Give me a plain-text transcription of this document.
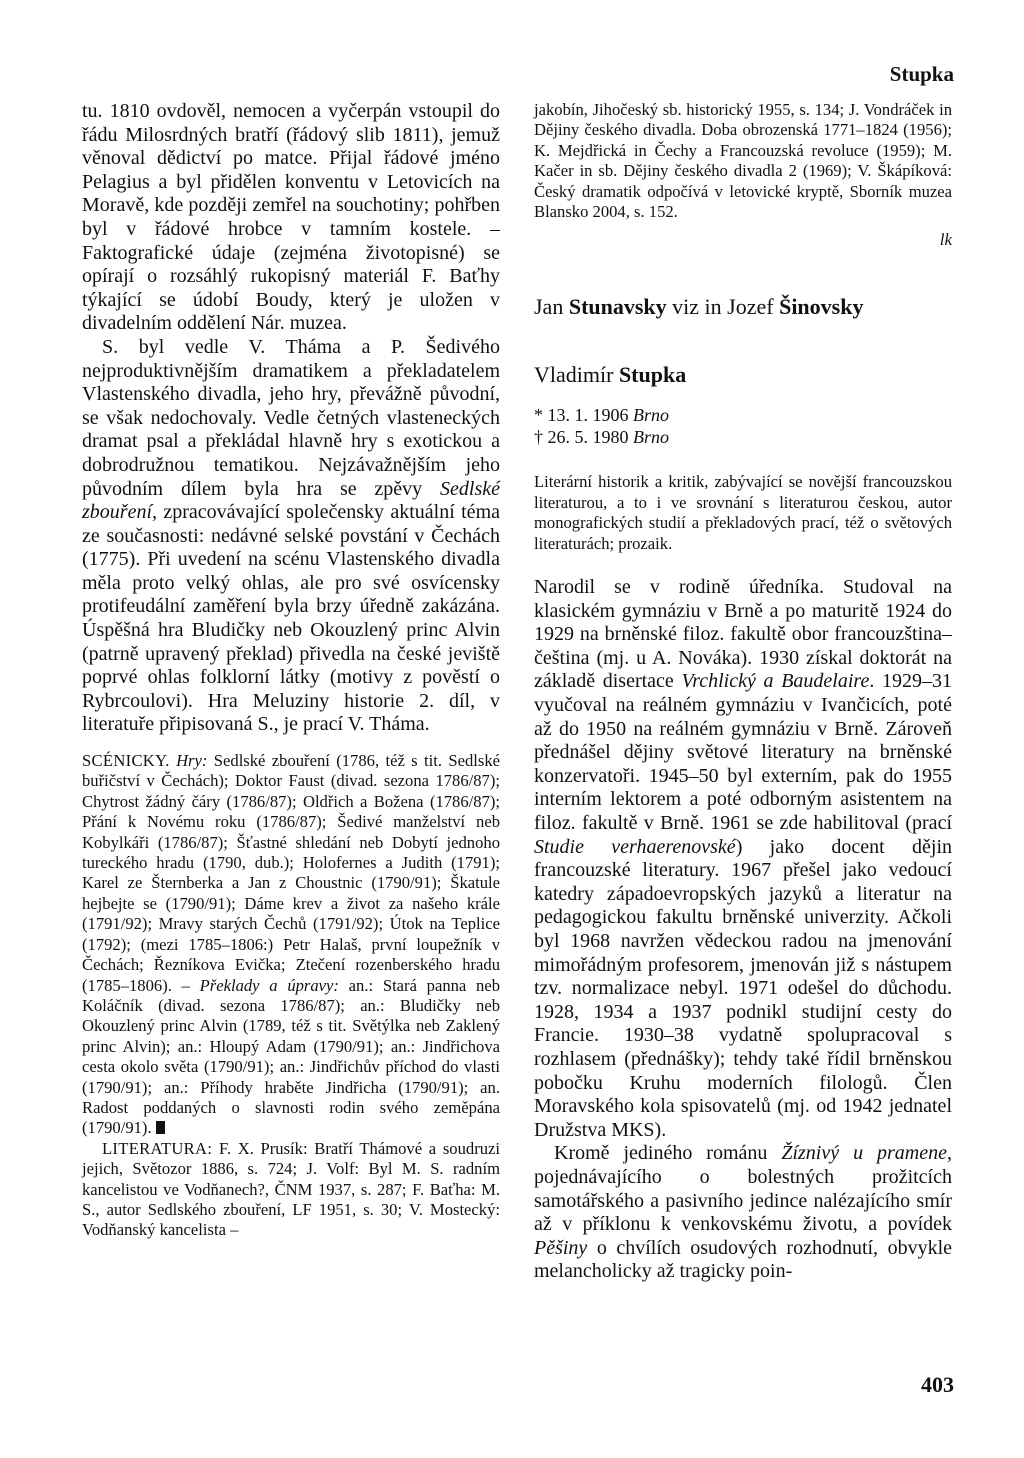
Stupka

tu. 1810 ovdověl, nemocen a vyčerpán vstoupil do řádu Milosrdných bratří (řádový slib 1811), jemuž věnoval dědictví po matce. Přijal řádové jméno Pelagius a byl přidělen konventu v Letovicích na Moravě, kde později zemřel na souchotiny; pohřben byl v řádové hrobce v tamním kostele. – Faktografické údaje (zejména životopisné) se opírají o rozsáhlý rukopisný materiál F. Baťhy týkající se údobí Boudy, který je uložen v divadelním oddělení Nár. muzea.

S. byl vedle V. Tháma a P. Šedivého nejproduktivnějším dramatikem a překladatelem Vlastenského divadla, jeho hry, převážně původní, se však nedochovaly. Vedle četných vlasteneckých dramat psal a překládal hlavně hry s exotickou a dobrodružnou tematikou. Nejzávažnějším jeho původním dílem byla hra se zpěvy Sedlské zbouření, zpracovávající společensky aktuální téma ze současnosti: nedávné selské povstání v Čechách (1775). Při uvedení na scénu Vlastenského divadla měla proto velký ohlas, ale pro své osvícensky protifeudální zaměření byla brzy úředně zakázána. Úspěšná hra Bludičky neb Okouzlený princ Alvin (patrně upravený překlad) přivedla na české jeviště poprvé ohlas folklorní látky (motivy z pověstí o Rybrcoulovi). Hra Meluziny historie 2. díl, v literatuře připisovaná S., je prací V. Tháma.

SCÉNICKY. Hry: Sedlské zbouření (1786, též s tit. Sedlské buřičství v Čechách); Doktor Faust (divad. sezona 1786/87); Chytrost žádný čáry (1786/87); Oldřich a Božena (1786/87); Přání k Novému roku (1786/87); Šedivé manželství neb Kobylkáři (1786/87); Šťastné shledání neb Dobytí jednoho tureckého hradu (1790, dub.); Holofernes a Judith (1791); Karel ze Šternberka a Jan z Choustnic (1790/91); Škatule hejbejte se (1790/91); Dáme krev a život za našeho krále (1791/92); Mravy starých Čechů (1791/92); Útok na Teplice (1792); (mezi 1785–1806:) Petr Halaš, první loupežník v Čechách; Řezníkova Evička; Ztečení rozenberského hradu (1785–1806). – Překlady a úpravy: an.: Stará panna neb Koláčník (divad. sezona 1786/87); an.: Bludičky neb Okouzlený princ Alvin (1789, též s tit. Světýlka neb Zaklený princ Alvin); an.: Hloupý Adam (1790/91); an.: Jindřichova cesta okolo světa (1790/91); an.: Jindřichův příchod do vlasti (1790/91); an.: Příhody hraběte Jindřicha (1790/91); an. Radost poddaných o slavnosti rodin svého zeměpána (1790/91).

LITERATURA: F. X. Prusík: Bratří Thámové a soudruzi jejich, Světozor 1886, s. 724; J. Volf: Byl M. S. radním kancelistou ve Vodňanech?, ČNM 1937, s. 287; F. Baťha: M. S., autor Sedlského zbouření, LF 1951, s. 30; V. Mostecký: Vodňanský kancelista –

jakobín, Jihočeský sb. historický 1955, s. 134; J. Vondráček in Dějiny českého divadla. Doba obrozenská 1771–1824 (1956); K. Mejdřická in Čechy a Francouzská revoluce (1959); M. Kačer in sb. Dějiny českého divadla 2 (1969); V. Škápíková: Český dramatik odpočívá v letovické kryptě, Sborník muzea Blansko 2004, s. 152.

lk

Jan Stunavsky viz in Jozef Šinovsky

Vladimír Stupka

* 13. 1. 1906 Brno

† 26. 5. 1980 Brno

Literární historik a kritik, zabývající se novější francouzskou literaturou, a to i ve srovnání s literaturou českou, autor monografických studií a překladových prací, též o světových literaturách; prozaik.

Narodil se v rodině úředníka. Studoval na klasickém gymnáziu v Brně a po maturitě 1924 do 1929 na brněnské filoz. fakultě obor francouzština–čeština (mj. u A. Nováka). 1930 získal doktorát na základě disertace Vrchlický a Baudelaire. 1929–31 vyučoval na reálném gymnáziu v Ivančicích, poté až do 1950 na reálném gymnáziu v Brně. Zároveň přednášel dějiny světové literatury na brněnské konzervatoři. 1945–50 byl externím, pak do 1955 interním lektorem a poté odborným asistentem na filoz. fakultě v Brně. 1961 se zde habilitoval (prací Studie verhaerenovské) jako docent dějin francouzské literatury. 1967 přešel jako vedoucí katedry západoevropských jazyků a literatur na pedagogickou fakultu brněnské univerzity. Ačkoli byl 1968 navržen vědeckou radou na jmenování mimořádným profesorem, jmenován již s nástupem tzv. normalizace nebyl. 1971 odešel do důchodu. 1928, 1934 a 1937 podnikl studijní cesty do Francie. 1930–38 vydatně spolupracoval s rozhlasem (přednášky); tehdy také řídil brněnskou pobočku Kruhu moderních filologů. Člen Moravského kola spisovatelů (mj. od 1942 jednatel Družstva MKS).

Kromě jediného románu Žíznivý u pramene, pojednávajícího o bolestných prožitcích samotářského a pasivního jedince nalézajícího smír až v příklonu k venkovskému životu, a povídek Pěšiny o chvílích osudových rozhodnutí, obvykle melancholicky až tragicky poin-

403
